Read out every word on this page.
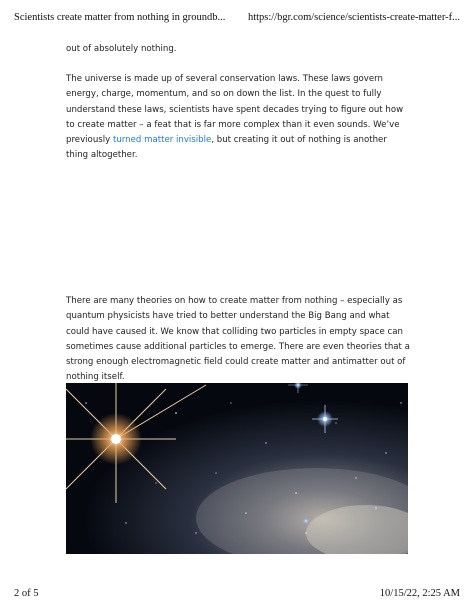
Scientists create matter from nothing in groundb... https://bgr.com/science/scientists-create-matter-f...

out of absolutely nothing.

The universe is made up of several conservation laws. These laws govern energy, charge, momentum, and so on down the list. In the quest to fully understand these laws, scientists have spent decades trying to figure out how to create matter – a feat that is far more complex than it even sounds. We’ve previously turned matter invisible, but creating it out of nothing is another thing altogether.

There are many theories on how to create matter from nothing – especially as quantum physicists have tried to better understand the Big Bang and what could have caused it. We know that colliding two particles in empty space can sometimes cause additional particles to emerge. There are even theories that a strong enough electromagnetic field could create matter and antimatter out of nothing itself.

2 of 5	10/15/22, 2:25 AM
